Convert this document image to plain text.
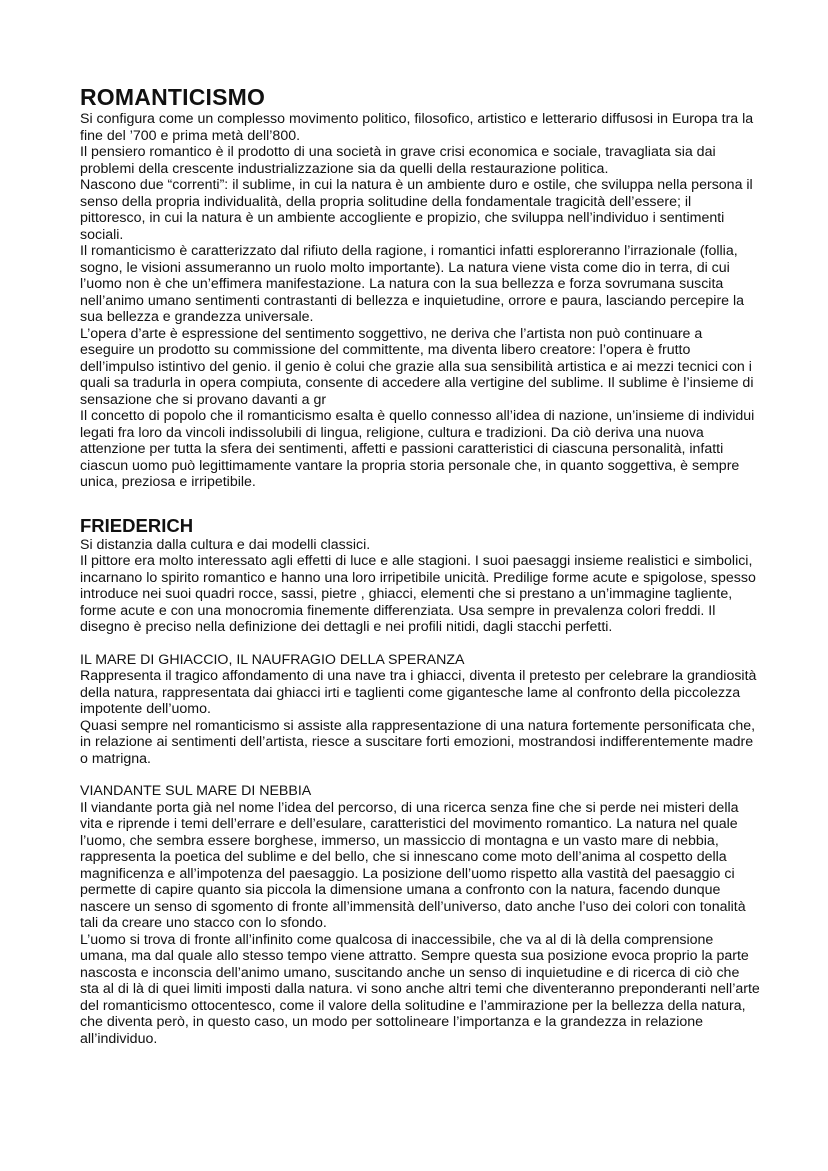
ROMANTICISMO

Si configura come un complesso movimento politico, filosofico, artistico e letterario diffusosi in Europa tra la fine del ’700 e prima metà dell’800.

Il pensiero romantico è il prodotto di una società in grave crisi economica e sociale, travagliata sia dai problemi della crescente industrializzazione sia da quelli della restaurazione politica.

Nascono due “correnti”: il sublime, in cui la natura è un ambiente duro e ostile, che sviluppa nella persona il senso della propria individualità, della propria solitudine della fondamentale tragicità dell’essere; il pittoresco, in cui la natura è un ambiente accogliente e propizio, che sviluppa nell’individuo i sentimenti sociali.

Il romanticismo è caratterizzato dal rifiuto della ragione, i romantici infatti esploreranno l’irrazionale (follia, sogno, le visioni assumeranno un ruolo molto importante). La natura viene vista come dio in terra, di cui l’uomo non è che un’effimera manifestazione. La natura con la sua bellezza e forza sovrumana suscita nell’animo umano sentimenti contrastanti di bellezza e inquietudine, orrore e paura, lasciando percepire la sua bellezza e grandezza universale.

L’opera d’arte è espressione del sentimento soggettivo, ne deriva che l’artista non può continuare a eseguire un prodotto su commissione del committente, ma diventa libero creatore: l’opera è frutto dell’impulso istintivo del genio. il genio è colui che grazie alla sua sensibilità artistica e ai mezzi tecnici con i quali sa tradurla in opera compiuta, consente di accedere alla vertigine del sublime. Il sublime è l’insieme di sensazione che si provano davanti a gr

Il concetto di popolo che il romanticismo esalta è quello connesso all’idea di nazione, un’insieme di individui legati fra loro da vincoli indissolubili di lingua, religione, cultura e tradizioni. Da ciò deriva una nuova attenzione per tutta la sfera dei sentimenti, affetti e passioni caratteristici di ciascuna personalità, infatti ciascun uomo può legittimamente vantare la propria storia personale che, in quanto soggettiva, è sempre unica, preziosa e irripetibile.

FRIEDERICH

Si distanzia dalla cultura e dai modelli classici.

Il pittore era molto interessato agli effetti di luce e alle stagioni. I suoi paesaggi insieme realistici e simbolici, incarnano lo spirito romantico e hanno una loro irripetibile unicità. Predilige forme acute e spigolose, spesso introduce nei suoi quadri rocce, sassi, pietre , ghiacci, elementi che si prestano a un’immagine tagliente, forme acute e con una monocromia finemente differenziata. Usa sempre in prevalenza colori freddi. Il disegno è preciso nella definizione dei dettagli e nei profili nitidi, dagli stacchi perfetti.

IL MARE DI GHIACCIO, IL NAUFRAGIO DELLA SPERANZA

Rappresenta il tragico affondamento di una nave tra i ghiacci, diventa il pretesto per celebrare la grandiosità della natura, rappresentata dai ghiacci irti e taglienti come gigantesche lame al confronto della piccolezza impotente dell’uomo.

Quasi sempre nel romanticismo si assiste alla rappresentazione di una natura fortemente personificata che, in relazione ai sentimenti dell’artista, riesce a suscitare forti emozioni, mostrandosi indifferentemente madre o matrigna.

VIANDANTE SUL MARE DI NEBBIA

Il viandante porta già nel nome l’idea del percorso, di una ricerca senza fine che si perde nei misteri della vita e riprende i temi dell’errare e dell’esulare, caratteristici del movimento romantico. La natura nel quale l’uomo, che sembra essere borghese, immerso, un massiccio di montagna e un vasto mare di nebbia, rappresenta la poetica del sublime e del bello, che si innescano come moto dell’anima al cospetto della magnificenza e all’impotenza del paesaggio. La posizione dell’uomo rispetto alla vastità del paesaggio ci permette di capire quanto sia piccola la dimensione umana a confronto con la natura, facendo dunque nascere un senso di sgomento di fronte all’immensità dell’universo, dato anche l’uso dei colori con tonalità tali da creare uno stacco con lo sfondo.

L’uomo si trova di fronte all’infinito come qualcosa di inaccessibile, che va al di là della comprensione umana, ma dal quale allo stesso tempo viene attratto. Sempre questa sua posizione evoca proprio la parte nascosta e inconscia dell’animo umano, suscitando anche un senso di inquietudine e di ricerca di ciò che sta al di là di quei limiti imposti dalla natura. vi sono anche altri temi che diventeranno preponderanti nell’arte del romanticismo ottocentesco, come il valore della solitudine e l’ammirazione per la bellezza della natura, che diventa però, in questo caso, un modo per sottolineare l’importanza e la grandezza in relazione all’individuo.
